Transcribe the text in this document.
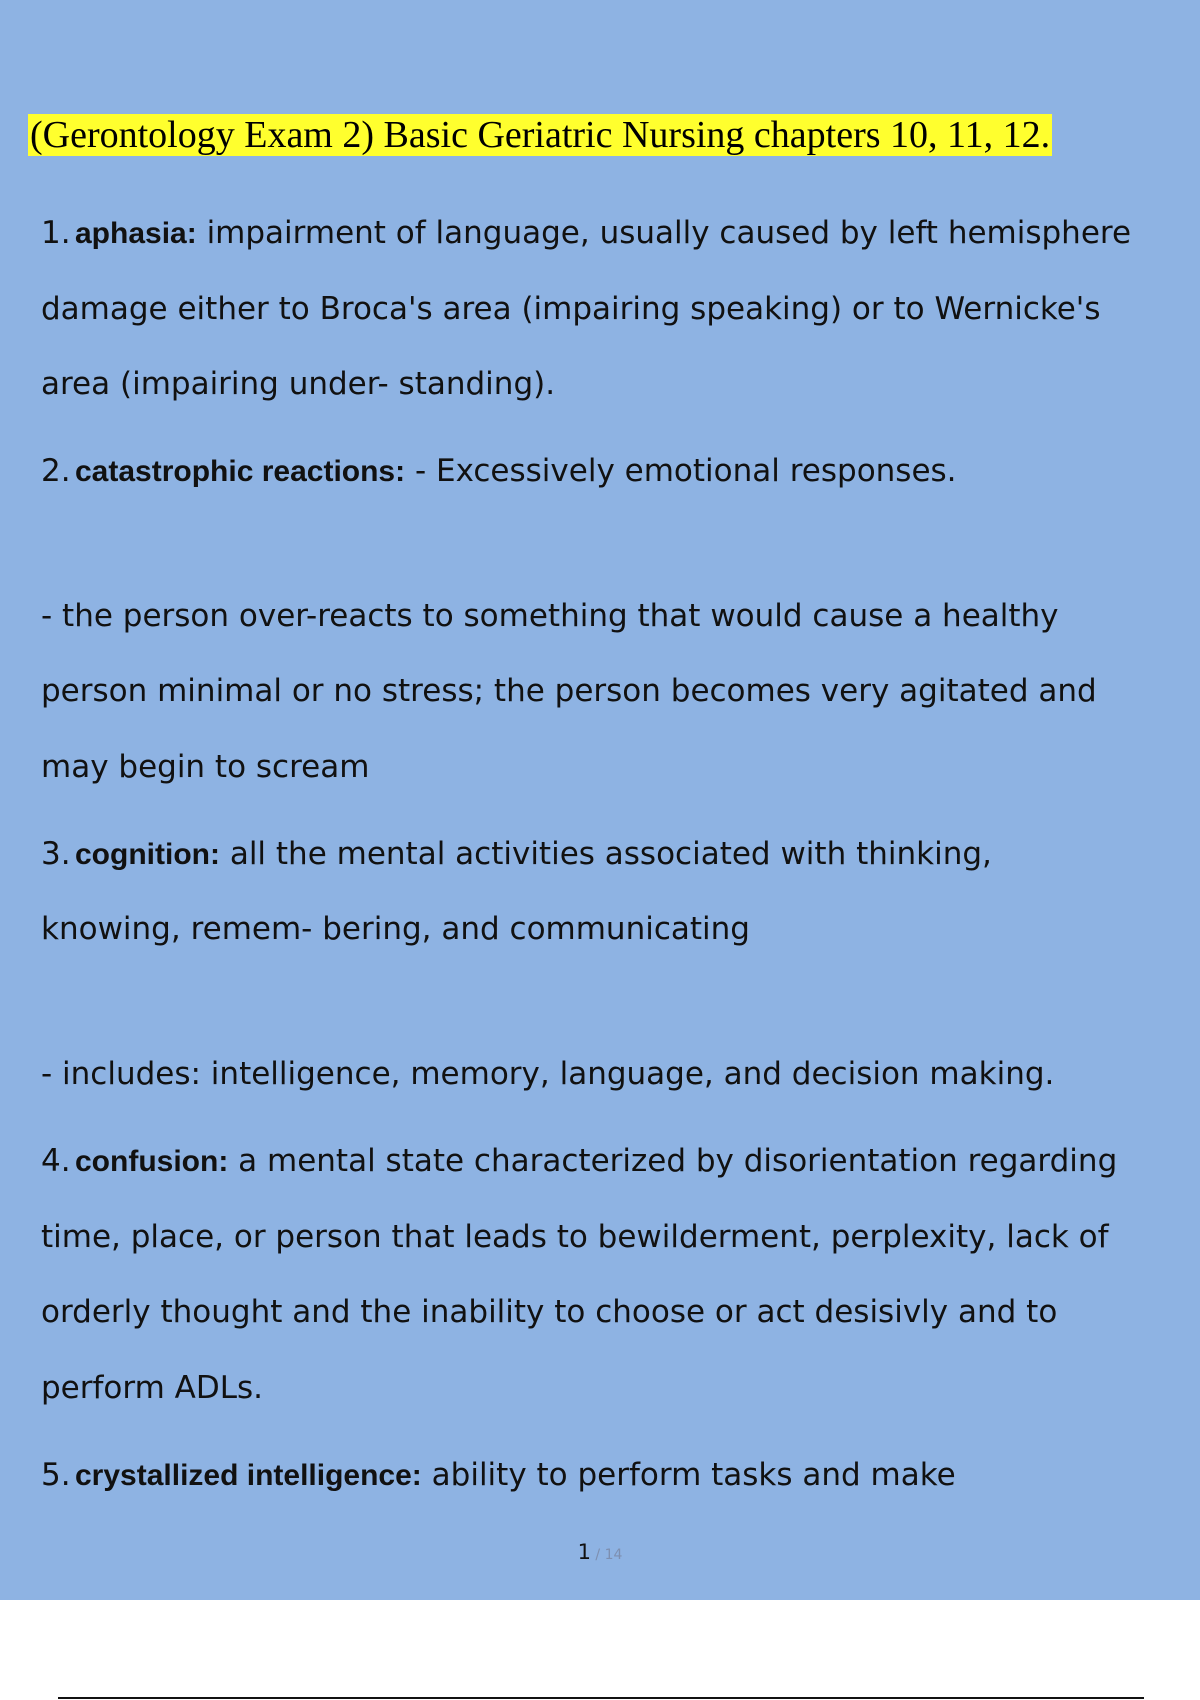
(Gerontology Exam 2) Basic Geriatric Nursing chapters 10, 11, 12.
1. aphasia: impairment of language, usually caused by left hemisphere
damage either to Broca's area (impairing speaking) or to Wernicke's
area (impairing under- standing).
2. catastrophic reactions: - Excessively emotional responses.
- the person over-reacts to something that would cause a healthy
person minimal or no stress; the person becomes very agitated and
may begin to scream
3. cognition: all the mental activities associated with thinking,
knowing, remem- bering, and communicating
- includes: intelligence, memory, language, and decision making.
4. confusion: a mental state characterized by disorientation regarding
time, place, or person that leads to bewilderment, perplexity, lack of
orderly thought and the inability to choose or act desisivly and to
perform ADLs.
5. crystallized intelligence: ability to perform tasks and make
1 / 14
